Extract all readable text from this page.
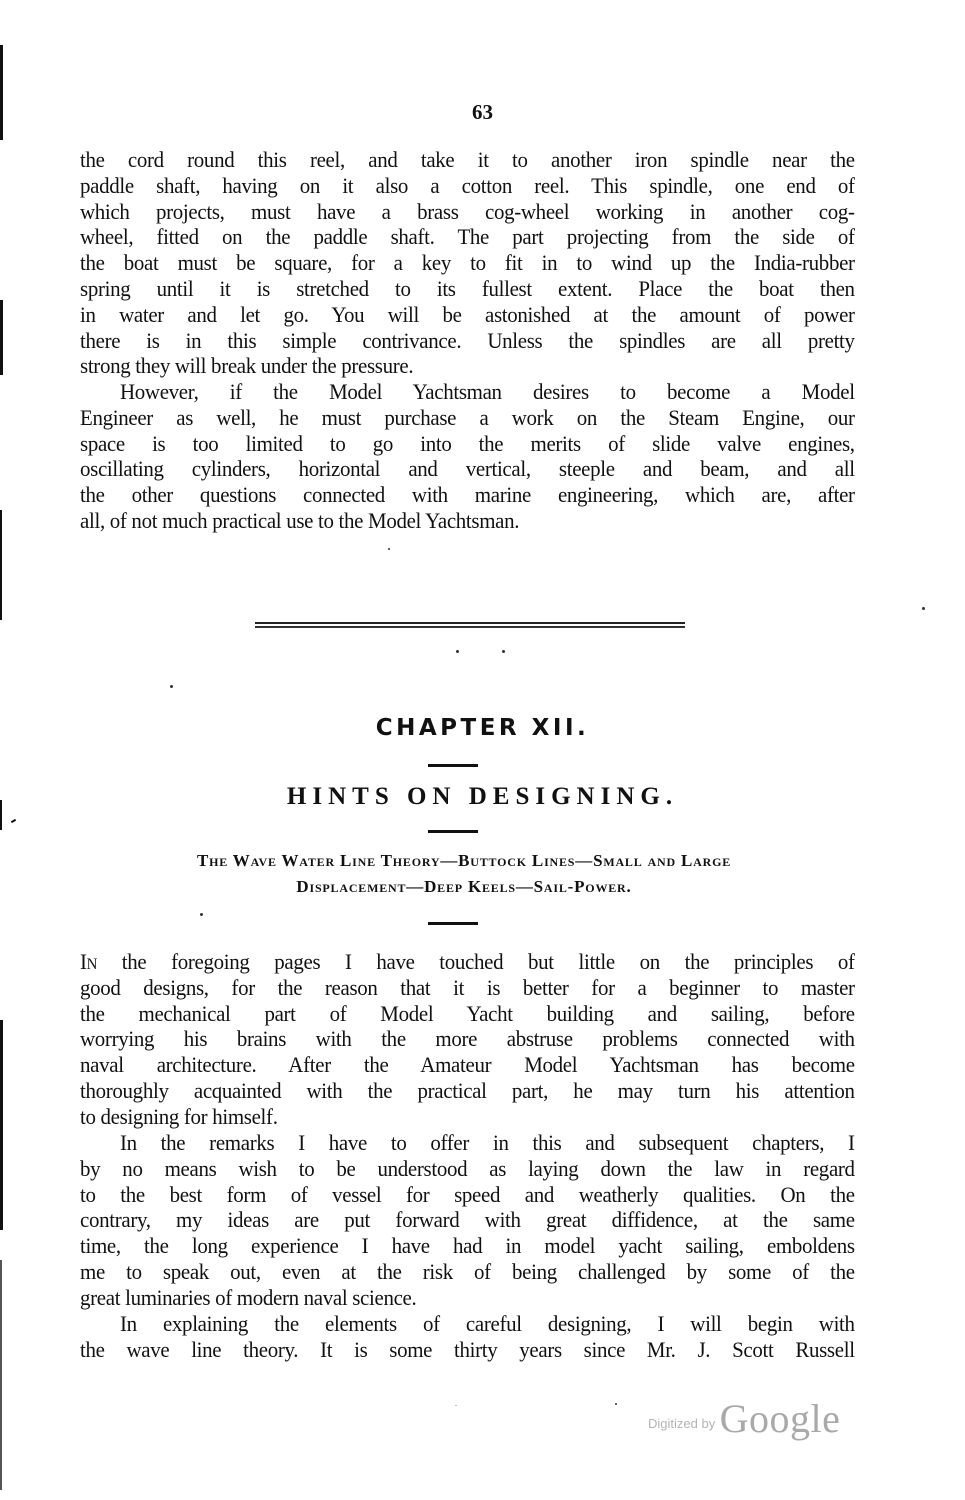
63
the cord round this reel, and take it to another iron spindle near the
paddle shaft, having on it also a cotton reel. This spindle, one end of
which projects, must have a brass cog-wheel working in another cog-
wheel, fitted on the paddle shaft. The part projecting from the side of
the boat must be square, for a key to fit in to wind up the India-rubber
spring until it is stretched to its fullest extent. Place the boat then
in water and let go. You will be astonished at the amount of power
there is in this simple contrivance. Unless the spindles are all pretty
strong they will break under the pressure.
However, if the Model Yachtsman desires to become a Model
Engineer as well, he must purchase a work on the Steam Engine, our
space is too limited to go into the merits of slide valve engines,
oscillating cylinders, horizontal and vertical, steeple and beam, and all
the other questions connected with marine engineering, which are, after
all, of not much practical use to the Model Yachtsman.
CHAPTER XII.
HINTS ON DESIGNING.
The Wave Water Line Theory—Buttock Lines—Small and Large
Displacement—Deep Keels—Sail-Power.
In the foregoing pages I have touched but little on the principles of
good designs, for the reason that it is better for a beginner to master
the mechanical part of Model Yacht building and sailing, before
worrying his brains with the more abstruse problems connected with
naval architecture. After the Amateur Model Yachtsman has become
thoroughly acquainted with the practical part, he may turn his attention
to designing for himself.
In the remarks I have to offer in this and subsequent chapters, I
by no means wish to be understood as laying down the law in regard
to the best form of vessel for speed and weatherly qualities. On the
contrary, my ideas are put forward with great diffidence, at the same
time, the long experience I have had in model yacht sailing, emboldens
me to speak out, even at the risk of being challenged by some of the
great luminaries of modern naval science.
In explaining the elements of careful designing, I will begin with
the wave line theory. It is some thirty years since Mr. J. Scott Russell
$^{Digitized by}$ Google
